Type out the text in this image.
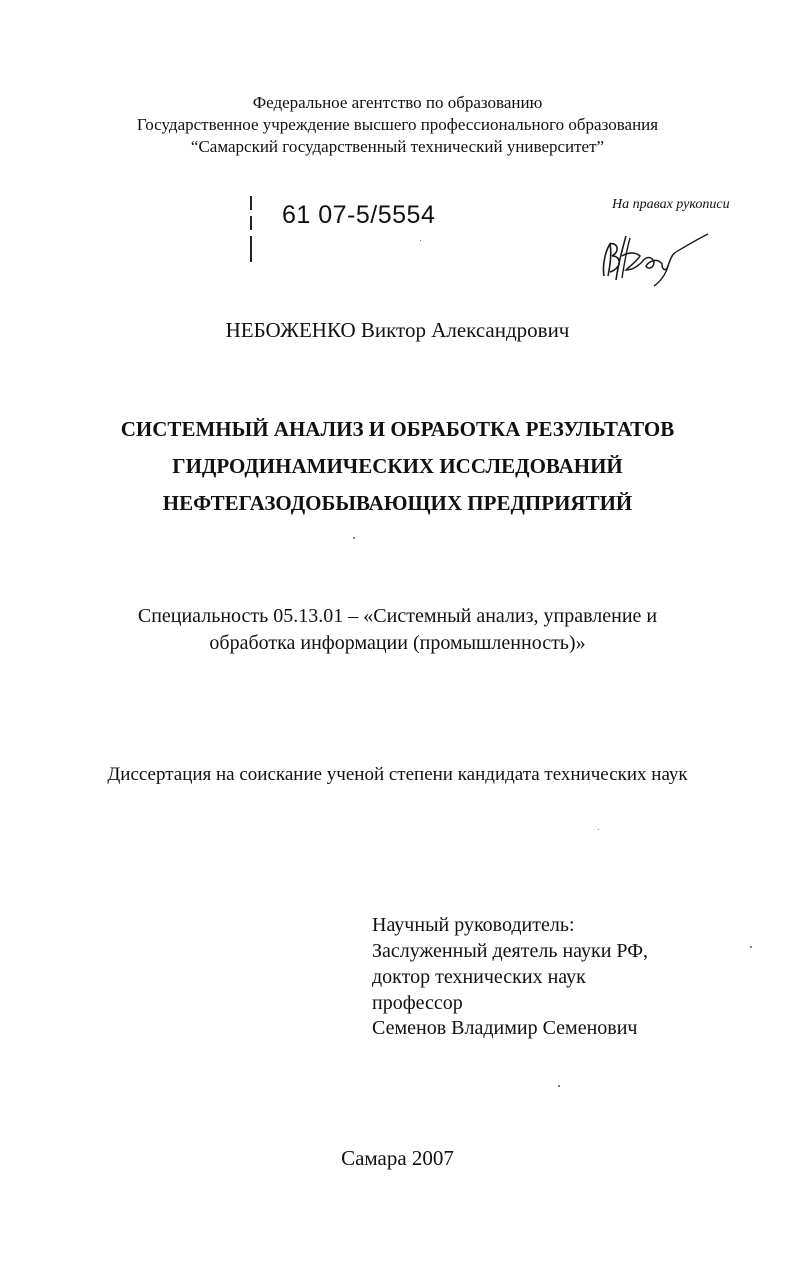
Федеральное агентство по образованию
Государственное учреждение высшего профессионального образования
“Самарский государственный технический университет”
61 07-5/5554	На правах рукописи
НЕБОЖЕНКО Виктор Александрович
СИСТЕМНЫЙ АНАЛИЗ И ОБРАБОТКА РЕЗУЛЬТАТОВ
ГИДРОДИНАМИЧЕСКИХ ИССЛЕДОВАНИЙ
НЕФТЕГАЗОДОБЫВАЮЩИХ ПРЕДПРИЯТИЙ
Специальность 05.13.01 – «Системный анализ, управление и
обработка информации (промышленность)»
Диссертация на соискание ученой степени кандидата технических наук
Научный руководитель:
Заслуженный деятель науки РФ,
доктор технических наук
профессор
Семенов Владимир Семенович
Самара 2007
